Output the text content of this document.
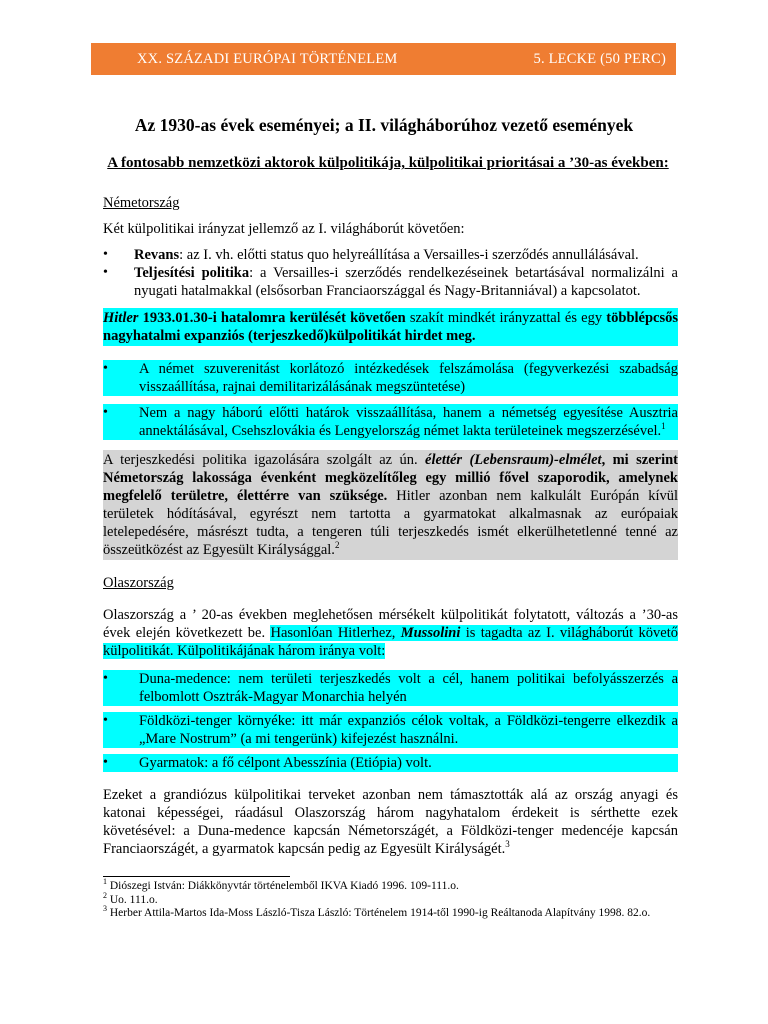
XX. SZÁZADI EURÓPAI TÖRTÉNELEM	5. LECKE (50 PERC)
Az 1930-as évek eseményei; a II. világháborúhoz vezető események
A fontosabb nemzetközi aktorok külpolitikája, külpolitikai prioritásai a ’30-as években:

Németország

Két külpolitikai irányzat jellemző az I. világháborút követően:

• Revans: az I. vh. előtti status quo helyreállítása a Versailles-i szerződés annullálásával.
• Teljesítési politika: a Versailles-i szerződés rendelkezéseinek betartásával normalizálni a nyugati hatalmakkal (elsősorban Franciaországgal és Nagy-Britanniával) a kapcsolatot.

Hitler 1933.01.30-i hatalomra kerülését követően szakít mindkét irányzattal és egy többlépcsős nagyhatalmi expanziós (terjeszkedő)külpolitikát hirdet meg.

• A német szuverenitást korlátozó intézkedések felszámolása (fegyverkezési szabadság visszaállítása, rajnai demilitarizálásának megszüntetése)
• Nem a nagy háború előtti határok visszaállítása, hanem a németség egyesítése Ausztria annektálásával, Csehszlovákia és Lengyelország német lakta területeinek megszerzésével.$^1$

A terjeszkedési politika igazolására szolgált az ún. élettér (Lebensraum)-elmélet, mi szerint Németország lakossága évenként megközelítőleg egy millió fővel szaporodik, amelynek megfelelő területre, élettérre van szüksége. Hitler azonban nem kalkulált Európán kívül területek hódításával, egyrészt nem tartotta a gyarmatokat alkalmasnak az európaiak letelepedésére, másrészt tudta, a tengeren túli terjeszkedés ismét elkerülhetetlenné tenné az összeütközést az Egyesült Királysággal.$^2$

Olaszország

Olaszország a ’ 20-as években meglehetősen mérsékelt külpolitikát folytatott, változás a ’30-as évek elején következett be. Hasonlóan Hitlerhez, Mussolini is tagadta az I. világháborút követő külpolitikát. Külpolitikájának három iránya volt:

• Duna-medence: nem területi terjeszkedés volt a cél, hanem politikai befolyásszerzés a felbomlott Osztrák-Magyar Monarchia helyén
• Földközi-tenger környéke: itt már expanziós célok voltak, a Földközi-tengerre elkezdik a „Mare Nostrum” (a mi tengerünk) kifejezést használni.
• Gyarmatok: a fő célpont Abesszínia (Etiópia) volt.

Ezeket a grandiózus külpolitikai terveket azonban nem támasztották alá az ország anyagi és katonai képességei, ráadásul Olaszország három nagyhatalom érdekeit is sérthette ezek követésével: a Duna-medence kapcsán Németországét, a Földközi-tenger medencéje kapcsán Franciaországét, a gyarmatok kapcsán pedig az Egyesült Királyságét.$^3$

$^1$ Diószegi István: Diákkönyvtár történelemből IKVA Kiadó 1996. 109-111.o.

$^2$ Uo. 111.o.

$^3$ Herber Attila-Martos Ida-Moss László-Tisza László: Történelem 1914-től 1990-ig Reáltanoda Alapítvány 1998. 82.o.
